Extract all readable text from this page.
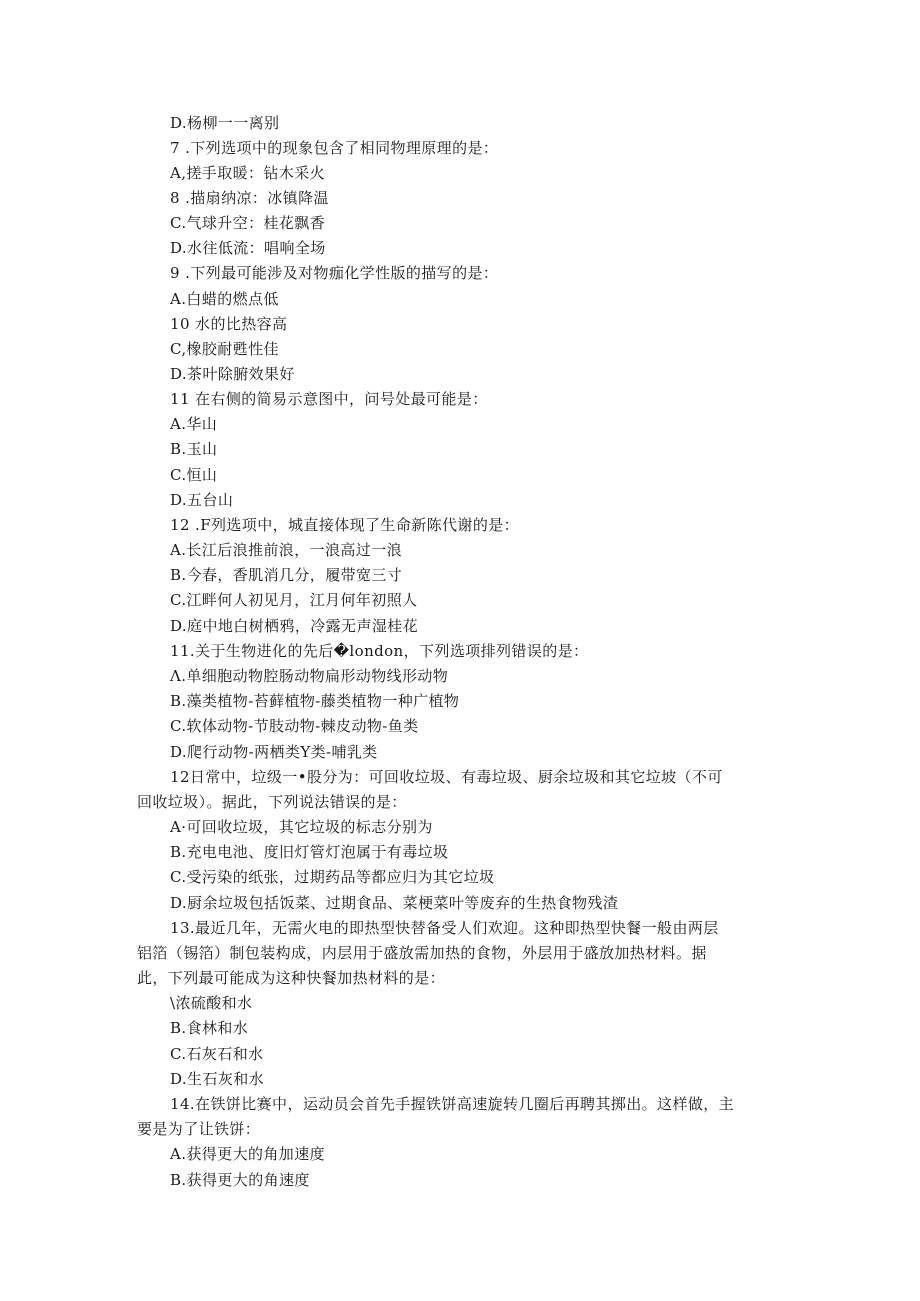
D.杨柳一一离别
7 .下列选项中的现象包含了相同物理原理的是：
A,搓手取暖：钻木采火
8 .描扇纳凉：冰镇降温
C.气球升空：桂花飘香
D.水往低流：唱响全场
9 .下列最可能涉及对物痂化学性版的描写的是：
A.白蜡的燃点低
10 水的比热容高
C,橡胶耐甦性佳
D.茶叶除腑效果好
11 在右侧的简易示意图中，问号处最可能是：
A.华山
B.玉山
C.恒山
D.五台山
12 .F列选项中，城直接体现了生命新陈代谢的是：
A.长江后浪推前浪，一浪高过一浪
B.今春，香肌消几分，履带宽三寸
C.江畔何人初见月，江月何年初照人
D.庭中地白树栖鸦，冷露无声湿桂花
11.关于生物进化的先后�london，下列选项排列错误的是：
Λ.单细胞动物腔肠动物扁形动物线形动物
B.藻类植物-苔藓植物-藤类植物一种广植物
C.软体动物-节肢动物-棘皮动物-鱼类
D.爬行动物-两栖类Y类-哺乳类
12日常中，垃级一•股分为：可回收垃圾、有毒垃圾、厨余垃圾和其它垃坡（不可
回收垃圾）。据此，下列说法错误的是：
A·可回收垃圾，其它垃圾的标志分别为
B.充电电池、度旧灯管灯泡属于有毒垃圾
C.受污染的纸张，过期药品等都应归为其它垃圾
D.厨余垃圾包括饭菜、过期食品、菜梗菜叶等废弃的生热食物残渣
13.最近几年，无需火电的即热型快替备受人们欢迎。这种即热型快餐一般由两层
铝箔（锡箔）制包装构成，内层用于盛放需加热的食物，外层用于盛放加热材料。据
此，下列最可能成为这种快餐加热材料的是：
\浓硫酸和水
B.食林和水
C.石灰石和水
D.生石灰和水
14.在铁饼比赛中，运动员会首先手握铁饼高速旋转几圈后再聘其掷出。这样做，主
要是为了让铁饼：
A.获得更大的角加速度
B.获得更大的角速度
